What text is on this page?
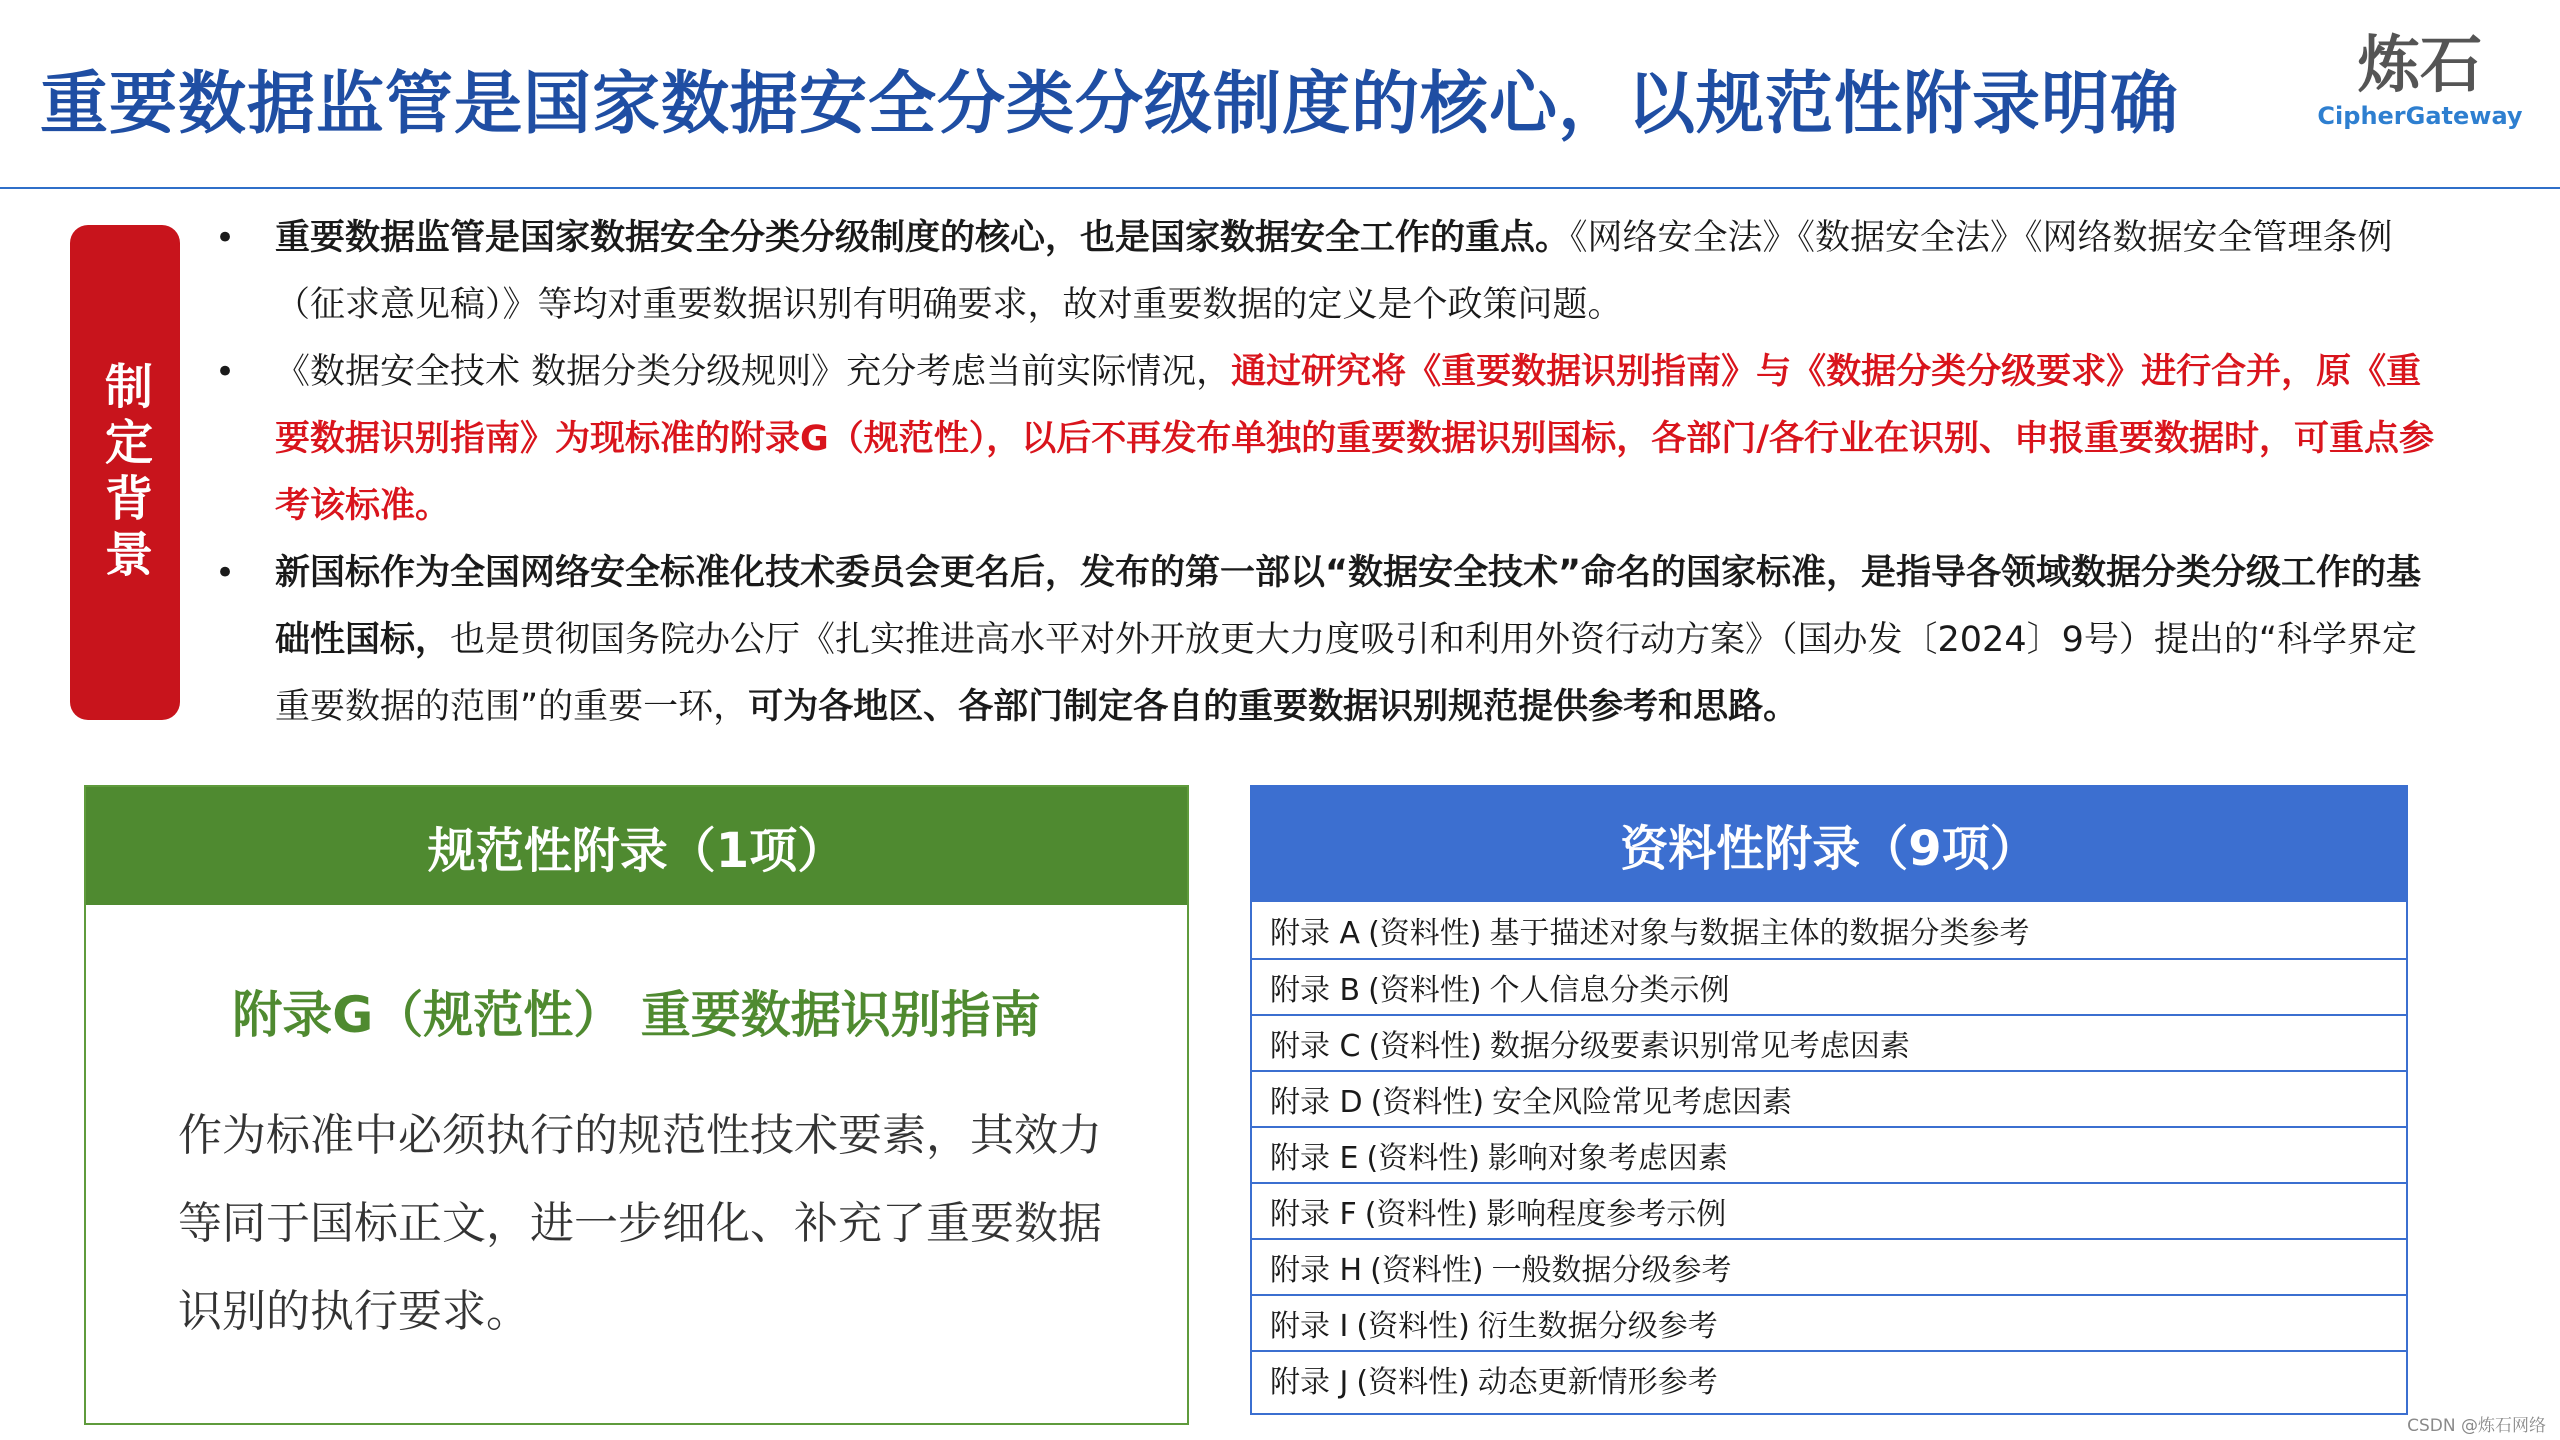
重要数据监管是国家数据安全分类分级制度的核心，以规范性附录明确
炼石
CipherGateway
制定背景
• 重要数据监管是国家数据安全分类分级制度的核心，也是国家数据安全工作的重点。《网络安全法》《数据安全法》《网络数据安全管理条例（征求意见稿）》等均对重要数据识别有明确要求，故对重要数据的定义是个政策问题。
• 《数据安全技术 数据分类分级规则》充分考虑当前实际情况，通过研究将《重要数据识别指南》与《数据分类分级要求》进行合并，原《重要数据识别指南》为现标准的附录G（规范性），以后不再发布单独的重要数据识别国标，各部门/各行业在识别、申报重要数据时，可重点参考该标准。
• 新国标作为全国网络安全标准化技术委员会更名后，发布的第一部以“数据安全技术”命名的国家标准，是指导各领域数据分类分级工作的基础性国标，也是贯彻国务院办公厅《扎实推进高水平对外开放更大力度吸引和利用外资行动方案》（国办发〔2024〕9号）提出的“科学界定重要数据的范围”的重要一环，可为各地区、各部门制定各自的重要数据识别规范提供参考和思路。
规范性附录（1项）
附录G（规范性） 重要数据识别指南
作为标准中必须执行的规范性技术要素，其效力等同于国标正文，进一步细化、补充了重要数据识别的执行要求。
资料性附录（9项）
附录 A (资料性) 基于描述对象与数据主体的数据分类参考
附录 B (资料性) 个人信息分类示例
附录 C (资料性) 数据分级要素识别常见考虑因素
附录 D (资料性) 安全风险常见考虑因素
附录 E (资料性) 影响对象考虑因素
附录 F (资料性) 影响程度参考示例
附录 H (资料性) 一般数据分级参考
附录 I (资料性) 衍生数据分级参考
附录 J (资料性) 动态更新情形参考
CSDN @炼石网络
